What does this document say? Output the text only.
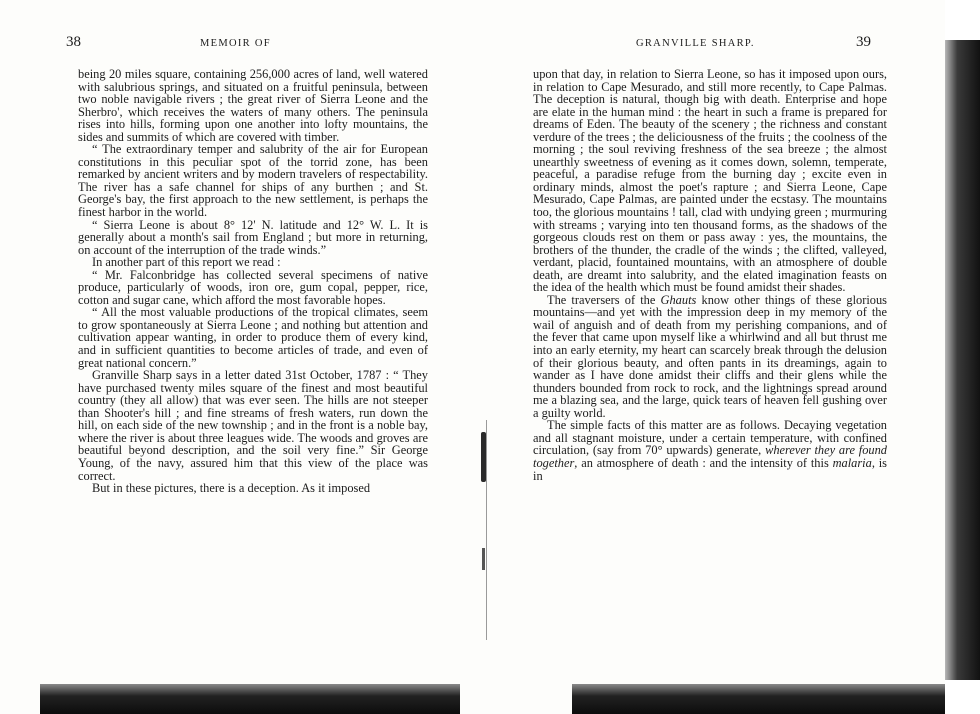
38	MEMOIR OF	39
GRANVILLE SHARP.

being 20 miles square, containing 256,000 acres of land, well watered with salubrious springs, and situated on a fruitful peninsula, between two noble navigable rivers ; the great river of Sierra Leone and the Sherbro', which receives the waters of many others. The peninsula rises into hills, forming upon one another into lofty mountains, the sides and summits of which are covered with timber.

“ The extraordinary temper and salubrity of the air for European constitutions in this peculiar spot of the torrid zone, has been remarked by ancient writers and by modern travelers of respectability. The river has a safe channel for ships of any burthen ; and St. George's bay, the first approach to the new settlement, is perhaps the finest harbor in the world.

“ Sierra Leone is about 8° 12' N. latitude and 12° W. L. It is generally about a month's sail from England ; but more in returning, on account of the interruption of the trade winds.”

In another part of this report we read :

“ Mr. Falconbridge has collected several specimens of native produce, particularly of woods, iron ore, gum copal, pepper, rice, cotton and sugar cane, which afford the most favorable hopes.

“ All the most valuable productions of the tropical climates, seem to grow spontaneously at Sierra Leone ; and nothing but attention and cultivation appear wanting, in order to produce them of every kind, and in sufficient quantities to become articles of trade, and even of great national concern.”

Granville Sharp says in a letter dated 31st October, 1787 : “ They have purchased twenty miles square of the finest and most beautiful country (they all allow) that was ever seen. The hills are not steeper than Shooter's hill ; and fine streams of fresh waters, run down the hill, on each side of the new township ; and in the front is a noble bay, where the river is about three leagues wide. The woods and groves are beautiful beyond description, and the soil very fine.” Sir George Young, of the navy, assured him that this view of the place was correct.

But in these pictures, there is a deception. As it imposed

upon that day, in relation to Sierra Leone, so has it imposed upon ours, in relation to Cape Mesurado, and still more recently, to Cape Palmas. The deception is natural, though big with death. Enterprise and hope are elate in the human mind : the heart in such a frame is prepared for dreams of Eden. The beauty of the scenery ; the richness and constant verdure of the trees ; the deliciousness of the fruits ; the coolness of the morning ; the soul reviving freshness of the sea breeze ; the almost unearthly sweetness of evening as it comes down, solemn, temperate, peaceful, a paradise refuge from the burning day ; excite even in ordinary minds, almost the poet's rapture ; and Sierra Leone, Cape Mesurado, Cape Palmas, are painted under the ecstasy. The mountains too, the glorious mountains ! tall, clad with undying green ; murmuring with streams ; varying into ten thousand forms, as the shadows of the gorgeous clouds rest on them or pass away : yes, the mountains, the brothers of the thunder, the cradle of the winds ; the clifted, valleyed, verdant, placid, fountained mountains, with an atmosphere of double death, are dreamt into salubrity, and the elated imagination feasts on the idea of the health which must be found amidst their shades.

The traversers of the Ghauts know other things of these glorious mountains—and yet with the impression deep in my memory of the wail of anguish and of death from my perishing companions, and of the fever that came upon myself like a whirlwind and all but thrust me into an early eternity, my heart can scarcely break through the delusion of their glorious beauty, and often pants in its dreamings, again to wander as I have done amidst their cliffs and their glens while the thunders bounded from rock to rock, and the lightnings spread around me a blazing sea, and the large, quick tears of heaven fell gushing over a guilty world.

The simple facts of this matter are as follows. Decaying vegetation and all stagnant moisture, under a certain temperature, with confined circulation, (say from 70° upwards) generate, wherever they are found together, an atmosphere of death : and the intensity of this malaria, is in
